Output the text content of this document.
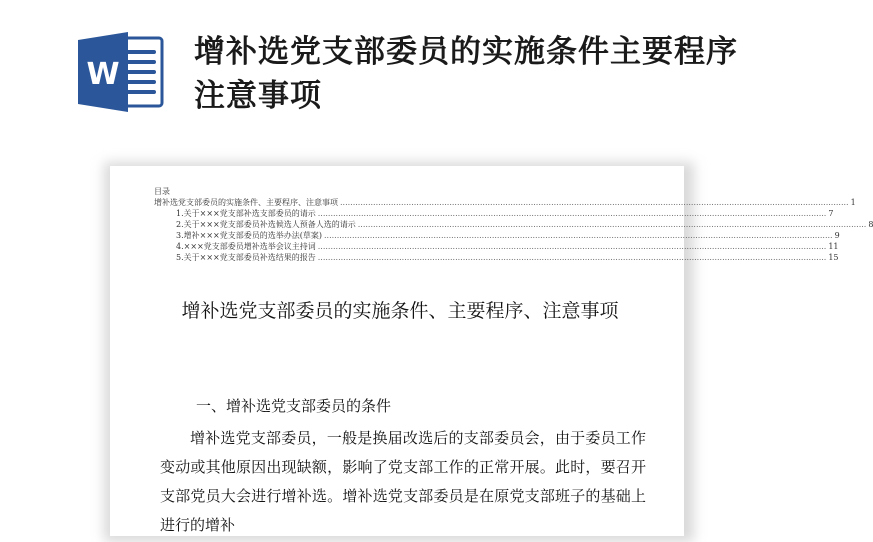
W
增补选党支部委员的实施条件主要程序注意事项
目录
增补选党支部委员的实施条件、主要程序、注意事项 ........................................................................................................................................................................................................ 1
1.关于×××党支部补选支部委员的请示 ........................................................................................................................................................................................................ 7
2.关于×××党支部委员补选候选人预备人选的请示 ........................................................................................................................................................................................................ 8
3.增补×××党支部委员的选举办法(草案) ........................................................................................................................................................................................................ 9
4.×××党支部委员增补选举会议主持词 ........................................................................................................................................................................................................ 11
5.关于×××党支部委员补选结果的报告 ........................................................................................................................................................................................................ 15
增补选党支部委员的实施条件、主要程序、注意事项
一、增补选党支部委员的条件

增补选党支部委员，一般是换届改选后的支部委员会，由于委员工作变动或其他原因出现缺额，影响了党支部工作的正常开展。此时，要召开支部党员大会进行增补选。增补选党支部委员是在原党支部班子的基础上进行的增补
